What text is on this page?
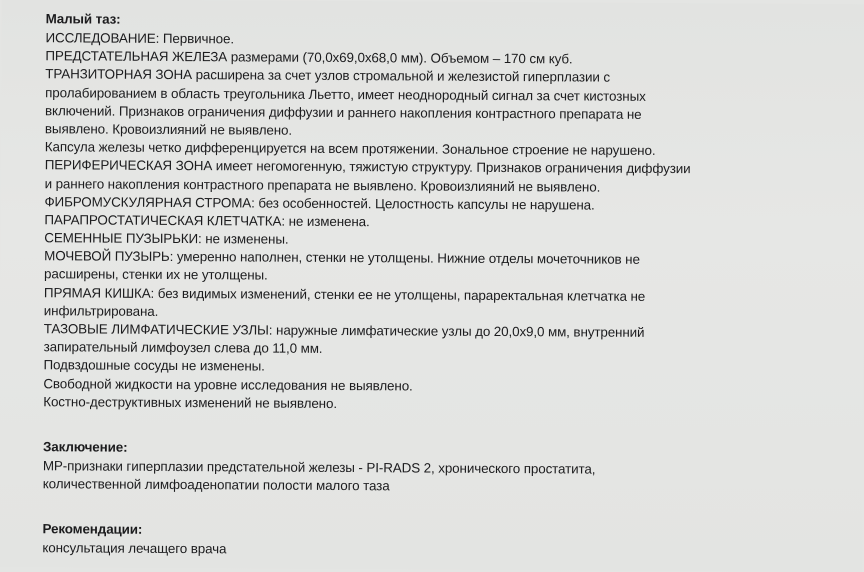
Малый таз:
ИССЛЕДОВАНИЕ: Первичное.
ПРЕДСТАТЕЛЬНАЯ ЖЕЛЕЗА размерами (70,0х69,0х68,0 мм). Объемом – 170 см куб.
ТРАНЗИТОРНАЯ ЗОНА расширена за счет узлов стромальной и железистой гиперплазии с
пролабированием в область треугольника Льетто, имеет неоднородный сигнал за счет кистозных
включений. Признаков ограничения диффузии и раннего накопления контрастного препарата не
выявлено. Кровоизлияний не выявлено.
Капсула железы четко дифференцируется на всем протяжении. Зональное строение не нарушено.
ПЕРИФЕРИЧЕСКАЯ ЗОНА имеет негомогенную, тяжистую структуру. Признаков ограничения диффузии
и раннего накопления контрастного препарата не выявлено. Кровоизлияний не выявлено.
ФИБРОМУСКУЛЯРНАЯ СТРОМА: без особенностей. Целостность капсулы не нарушена.
ПАРАПРОСТАТИЧЕСКАЯ КЛЕТЧАТКА: не изменена.
СЕМЕННЫЕ ПУЗЫРЬКИ: не изменены.
МОЧЕВОЙ ПУЗЫРЬ: умеренно наполнен, стенки не утолщены. Нижние отделы мочеточников не
расширены, стенки их не утолщены.
ПРЯМАЯ КИШКА: без видимых изменений, стенки ее не утолщены, параректальная клетчатка не
инфильтрирована.
ТАЗОВЫЕ ЛИМФАТИЧЕСКИЕ УЗЛЫ: наружные лимфатические узлы до 20,0х9,0 мм, внутренний
запирательный лимфоузел слева до 11,0 мм.
Подвздошные сосуды не изменены.
Свободной жидкости на уровне исследования не выявлено.
Костно-деструктивных изменений не выявлено.
Заключение:
МР-признаки гиперплазии предстательной железы - PI-RADS 2, хронического простатита,
количественной лимфоаденопатии полости малого таза
Рекомендации:
консультация лечащего врача
